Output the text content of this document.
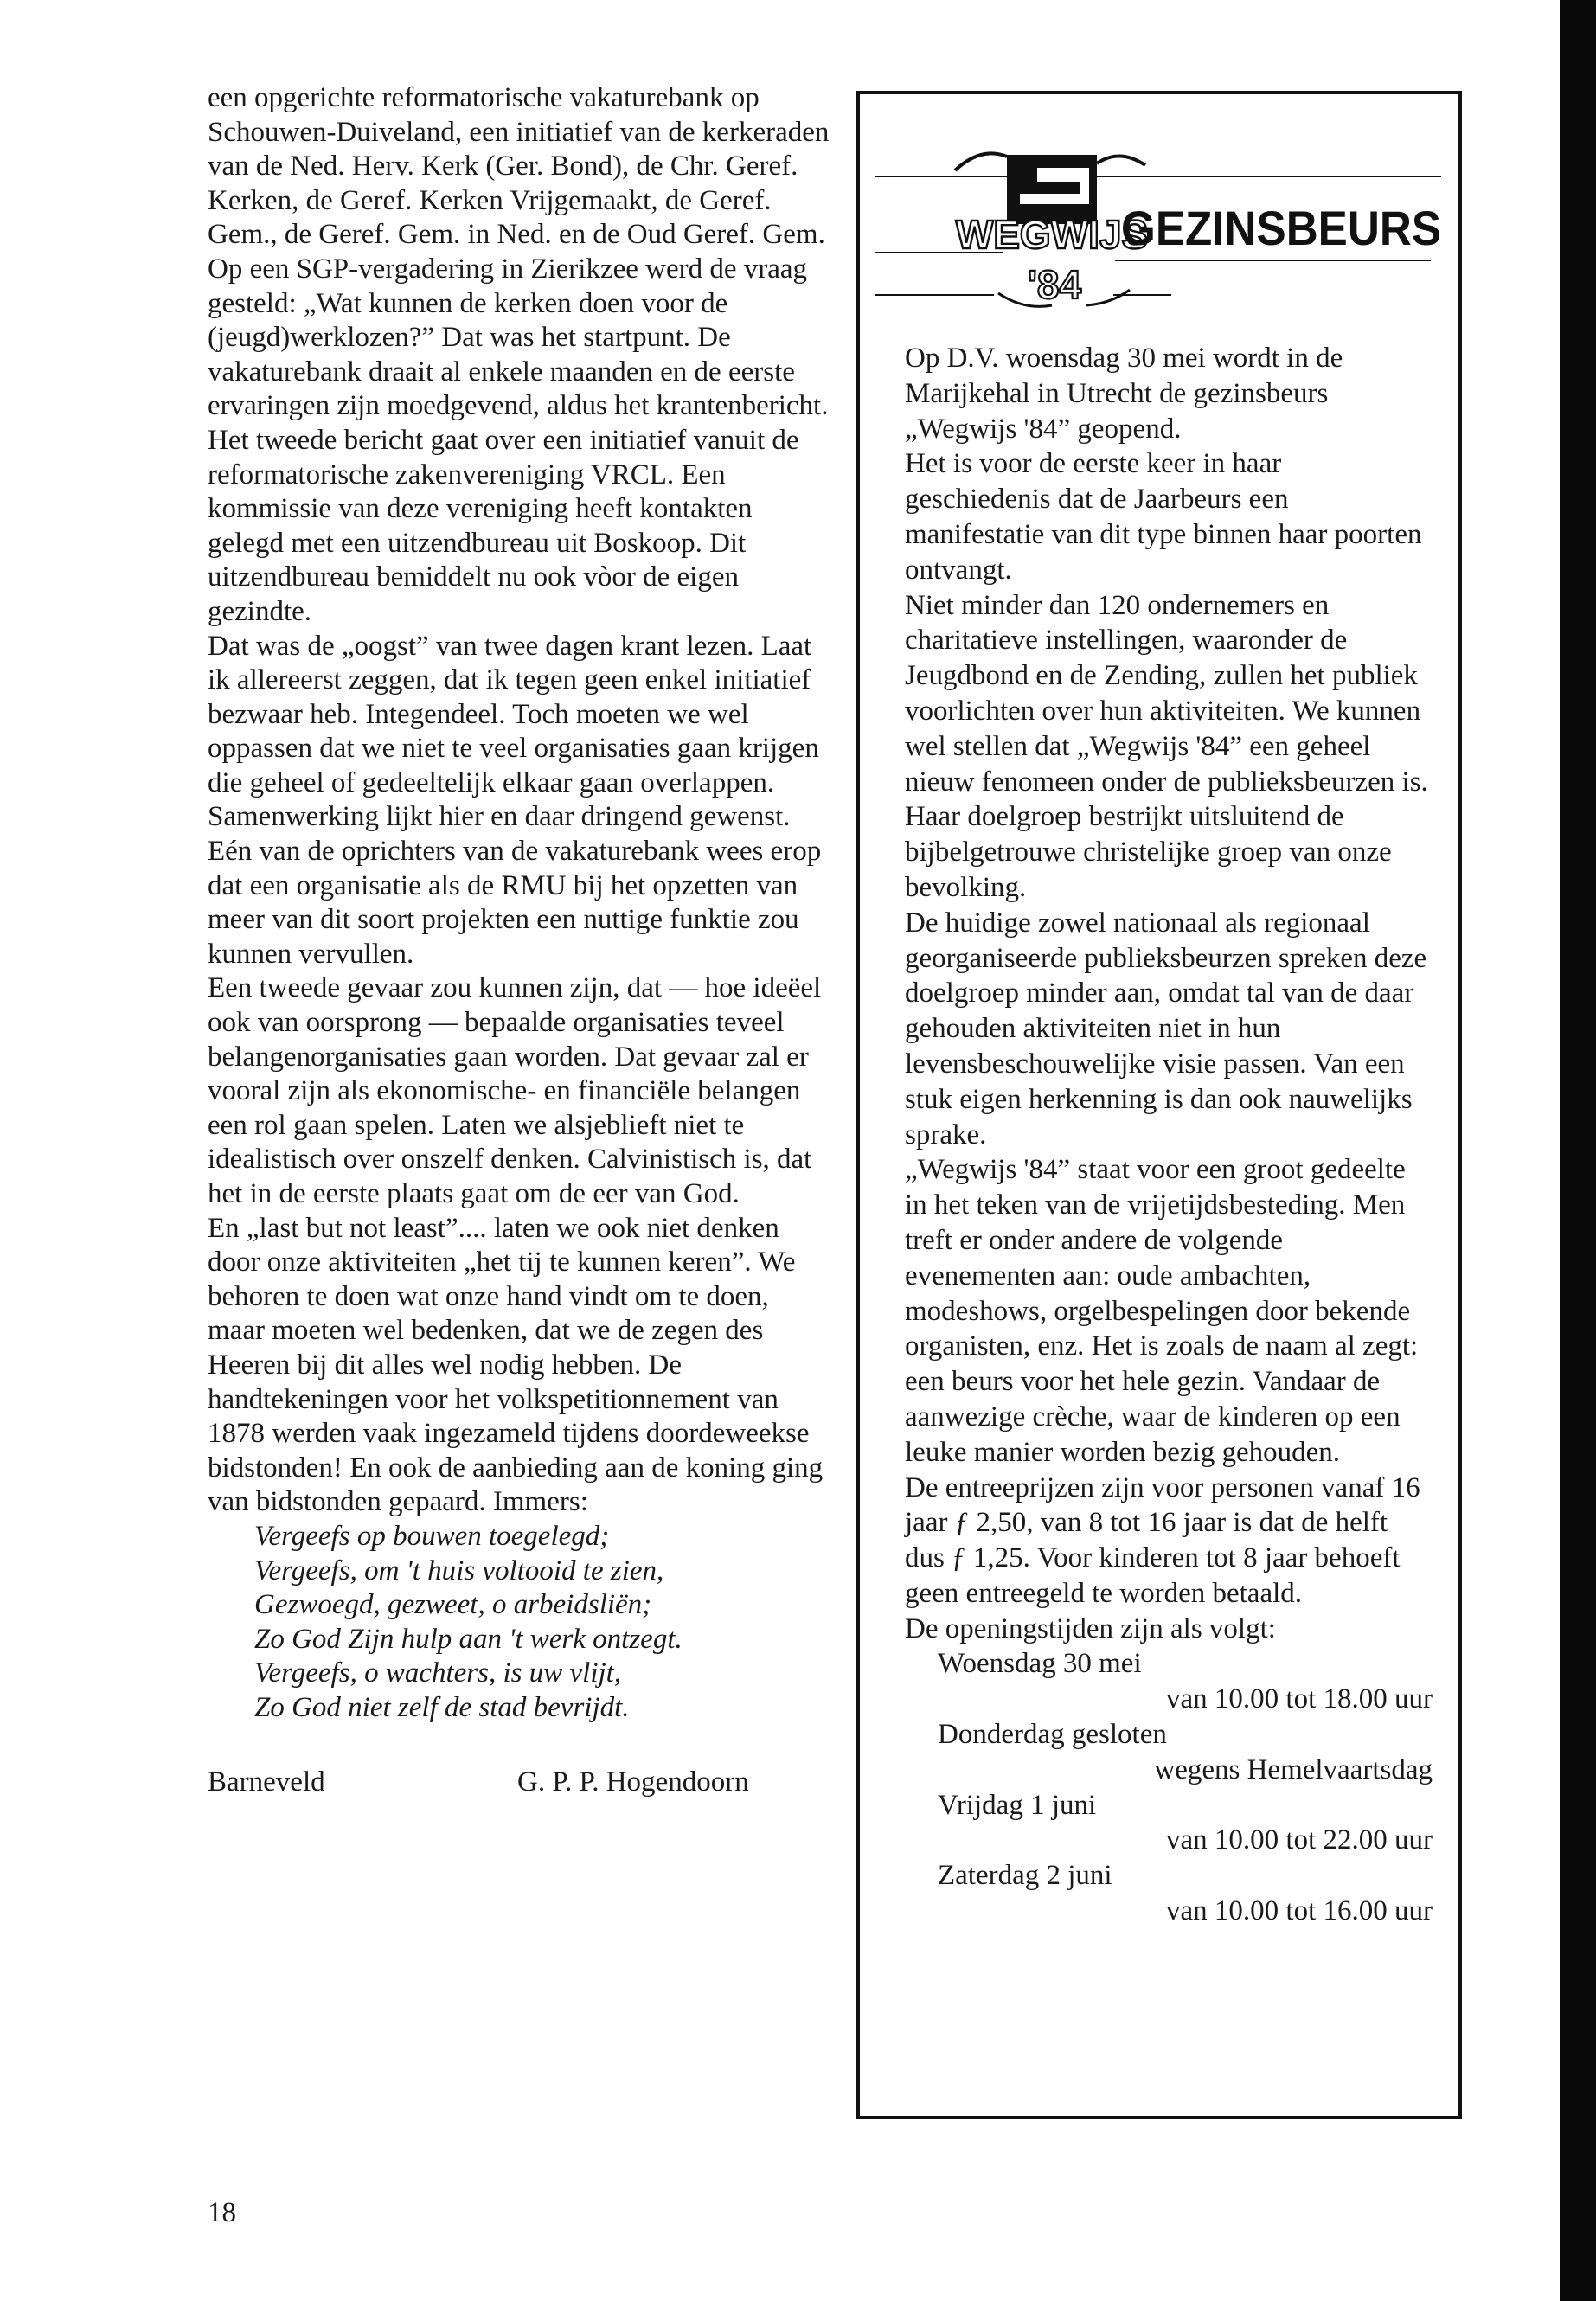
een opgerichte reformatorische vakaturebank op Schouwen-Duiveland, een initiatief van de kerkeraden van de Ned. Herv. Kerk (Ger. Bond), de Chr. Geref. Kerken, de Geref. Kerken Vrijgemaakt, de Geref. Gem., de Geref. Gem. in Ned. en de Oud Geref. Gem. Op een SGP-vergadering in Zierikzee werd de vraag gesteld: „Wat kunnen de kerken doen voor de (jeugd)werklozen?” Dat was het startpunt. De vakaturebank draait al enkele maanden en de eerste ervaringen zijn moedgevend, aldus het krantenbericht.

Het tweede bericht gaat over een initiatief vanuit de reformatorische zakenvereniging VRCL. Een kommissie van deze vereniging heeft kontakten gelegd met een uitzendbureau uit Boskoop. Dit uitzendbureau bemiddelt nu ook vòor de eigen gezindte.

Dat was de „oogst” van twee dagen krant lezen. Laat ik allereerst zeggen, dat ik tegen geen enkel initiatief bezwaar heb. Integendeel. Toch moeten we wel oppassen dat we niet te veel organisaties gaan krijgen die geheel of gedeeltelijk elkaar gaan overlappen. Samenwerking lijkt hier en daar dringend gewenst. Eén van de oprichters van de vakaturebank wees erop dat een organisatie als de RMU bij het opzetten van meer van dit soort projekten een nuttige funktie zou kunnen vervullen.

Een tweede gevaar zou kunnen zijn, dat — hoe ideëel ook van oorsprong — bepaalde organisaties teveel belangenorganisaties gaan worden. Dat gevaar zal er vooral zijn als ekonomische- en financiële belangen een rol gaan spelen. Laten we alsjeblieft niet te idealistisch over onszelf denken. Calvinistisch is, dat het in de eerste plaats gaat om de eer van God.

En „last but not least”.... laten we ook niet denken door onze aktiviteiten „het tij te kunnen keren”. We behoren te doen wat onze hand vindt om te doen, maar moeten wel bedenken, dat we de zegen des Heeren bij dit alles wel nodig hebben. De handtekeningen voor het volkspetitionnement van 1878 werden vaak ingezameld tijdens doordeweekse bidstonden! En ook de aanbieding aan de koning ging van bidstonden gepaard. Immers:

Vergeefs op bouwen toegelegd;
Vergeefs, om 't huis voltooid te zien,
Gezwoegd, gezweet, o arbeidsliën;
Zo God Zijn hulp aan 't werk ontzegt.
Vergeefs, o wachters, is uw vlijt,
Zo God niet zelf de stad bevrijdt.
Barneveld	G. P. P. Hogendoorn
18
WEGWIJS
'84
GEZINSBEURS

Op D.V. woensdag 30 mei wordt in de Marijkehal in Utrecht de gezinsbeurs „Wegwijs '84” geopend.

Het is voor de eerste keer in haar geschiedenis dat de Jaarbeurs een manifestatie van dit type binnen haar poorten ontvangt.

Niet minder dan 120 ondernemers en charitatieve instellingen, waaronder de Jeugdbond en de Zending, zullen het publiek voorlichten over hun aktiviteiten. We kunnen wel stellen dat „Wegwijs '84” een geheel nieuw fenomeen onder de publieksbeurzen is. Haar doelgroep bestrijkt uitsluitend de bijbelgetrouwe christelijke groep van onze bevolking.

De huidige zowel nationaal als regionaal georganiseerde publieksbeurzen spreken deze doelgroep minder aan, omdat tal van de daar gehouden aktiviteiten niet in hun levensbeschouwelijke visie passen. Van een stuk eigen herkenning is dan ook nauwelijks sprake.

„Wegwijs '84” staat voor een groot gedeelte in het teken van de vrijetijdsbesteding. Men treft er onder andere de volgende evenementen aan: oude ambachten, modeshows, orgelbespelingen door bekende organisten, enz. Het is zoals de naam al zegt: een beurs voor het hele gezin. Vandaar de aanwezige crèche, waar de kinderen op een leuke manier worden bezig gehouden.

De entreeprijzen zijn voor personen vanaf 16 jaar ƒ 2,50, van 8 tot 16 jaar is dat de helft dus ƒ 1,25. Voor kinderen tot 8 jaar behoeft geen entreegeld te worden betaald.

De openingstijden zijn als volgt:

Woensdag 30 mei
van 10.00 tot 18.00 uur
Donderdag gesloten
wegens Hemelvaartsdag
Vrijdag 1 juni
van 10.00 tot 22.00 uur
Zaterdag 2 juni
van 10.00 tot 16.00 uur
